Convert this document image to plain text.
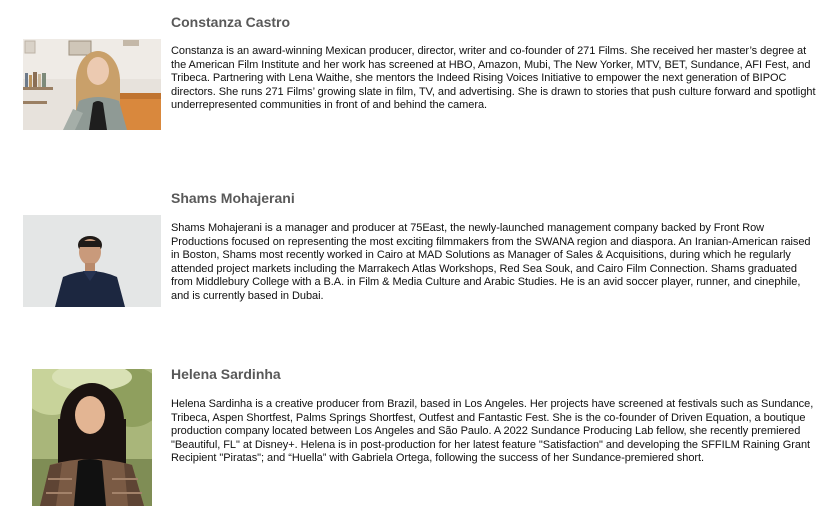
Constanza Castro

Constanza is an award-winning Mexican producer, director, writer and co-founder of 271 Films. She received her master’s degree at the American Film Institute and her work has screened at HBO, Amazon, Mubi, The New Yorker, MTV, BET, Sundance, AFI Fest, and Tribeca. Partnering with Lena Waithe, she mentors the Indeed Rising Voices Initiative to empower the next generation of BIPOC directors. She runs 271 Films’ growing slate in film, TV, and advertising. She is drawn to stories that push culture forward and spotlight underrepresented communities in front of and behind the camera.

Shams Mohajerani

Shams Mohajerani is a manager and producer at 75East, the newly-launched management company backed by Front Row Productions focused on representing the most exciting filmmakers from the SWANA region and diaspora. An Iranian-American raised in Boston, Shams most recently worked in Cairo at MAD Solutions as Manager of Sales & Acquisitions, during which he regularly attended project markets including the Marrakech Atlas Workshops, Red Sea Souk, and Cairo Film Connection. Shams graduated from Middlebury College with a B.A. in Film & Media Culture and Arabic Studies. He is an avid soccer player, runner, and cinephile, and is currently based in Dubai.

Helena Sardinha

Helena Sardinha is a creative producer from Brazil, based in Los Angeles. Her projects have screened at festivals such as Sundance, Tribeca, Aspen Shortfest, Palms Springs Shortfest, Outfest and Fantastic Fest. She is the co-founder of Driven Equation, a boutique production company located between Los Angeles and São Paulo. A 2022 Sundance Producing Lab fellow, she recently premiered "Beautiful, FL" at Disney+. Helena is in post-production for her latest feature "Satisfaction" and developing the SFFILM Raining Grant Recipient "Piratas"; and “Huella” with Gabriela Ortega, following the success of her Sundance-premiered short.
